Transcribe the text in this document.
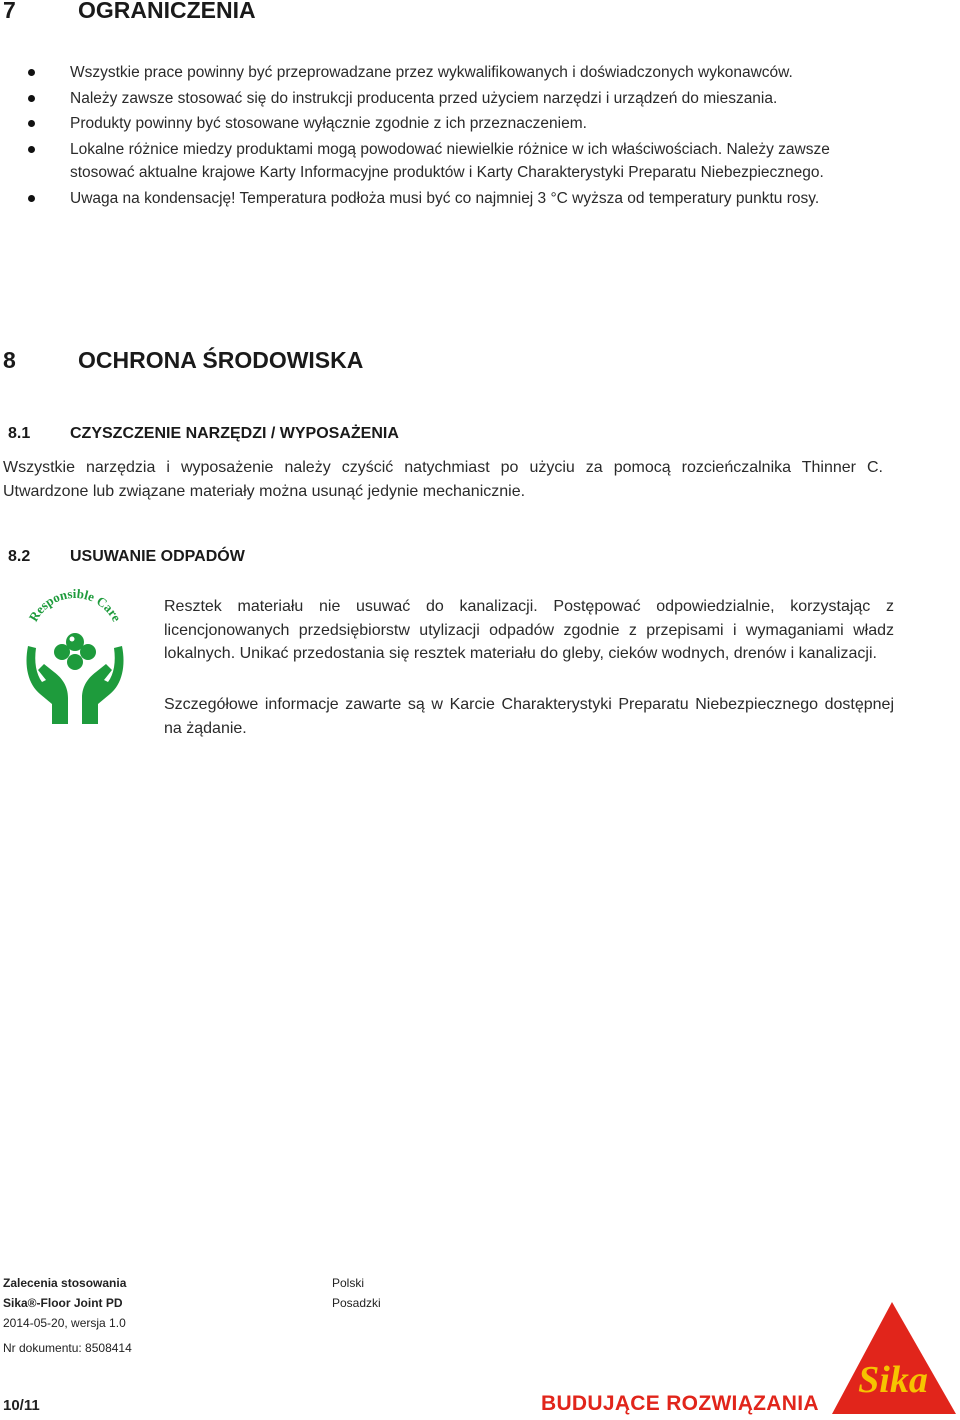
7	OGRANICZENIA
Wszystkie prace powinny być przeprowadzane przez wykwalifikowanych i doświadczonych wykonawców.
Należy zawsze stosować się do instrukcji producenta przed użyciem narzędzi i urządzeń do mieszania.
Produkty powinny być stosowane wyłącznie zgodnie z ich przeznaczeniem.
Lokalne różnice miedzy produktami mogą powodować niewielkie różnice w ich właściwościach. Należy zawsze stosować aktualne krajowe Karty Informacyjne produktów i Karty Charakterystyki Preparatu Niebezpiecznego.
Uwaga na kondensację! Temperatura podłoża musi być co najmniej 3 °C wyższa od temperatury punktu rosy.
8	OCHRONA ŚRODOWISKA
8.1 CZYSZCZENIE NARZĘDZI / WYPOSAŻENIA
Wszystkie narzędzia i wyposażenie należy czyścić natychmiast po użyciu za pomocą rozcieńczalnika Thinner C. Utwardzone lub związane materiały można usunąć jedynie mechanicznie.
8.2 USUWANIE ODPADÓW
Responsible Care
Resztek materiału nie usuwać do kanalizacji. Postępować odpowiedzialnie, korzystając z licencjonowanych przedsiębiorstw utylizacji odpadów zgodnie z przepisami i wymaganiami władz lokalnych. Unikać przedostania się resztek materiału do gleby, cieków wodnych, drenów i kanalizacji.
Szczegółowe informacje zawarte są w Karcie Charakterystyki Preparatu Niebezpiecznego dostępnej na żądanie.
Zalecenia stosowania
Sika®-Floor Joint PD
2014-05-20, wersja 1.0
Nr dokumentu: 8508414
Polski
Posadzki
10/11	BUDUJĄCE ROZWIĄZANIA
Sika
